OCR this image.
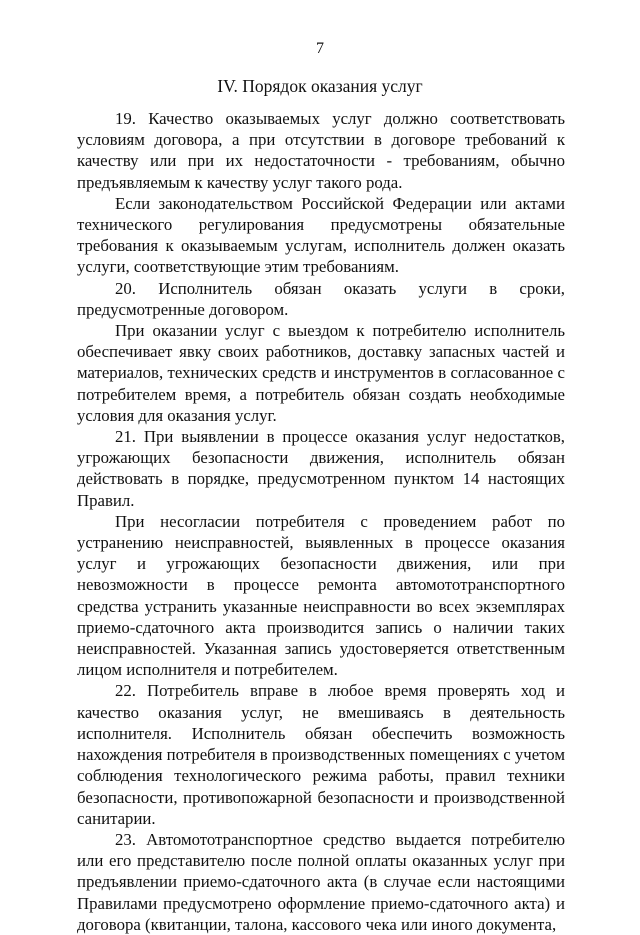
7
IV. Порядок оказания услуг

19. Качество оказываемых услуг должно соответствовать условиям договора, а при отсутствии в договоре требований к качеству или при их недостаточности - требованиям, обычно предъявляемым к качеству услуг такого рода.

Если законодательством Российской Федерации или актами технического регулирования предусмотрены обязательные требования к оказываемым услугам, исполнитель должен оказать услуги, соответствующие этим требованиям.

20. Исполнитель обязан оказать услуги в сроки, предусмотренные договором.

При оказании услуг с выездом к потребителю исполнитель обеспечивает явку своих работников, доставку запасных частей и материалов, технических средств и инструментов в согласованное с потребителем время, а потребитель обязан создать необходимые условия для оказания услуг.

21. При выявлении в процессе оказания услуг недостатков, угрожающих безопасности движения, исполнитель обязан действовать в порядке, предусмотренном пунктом 14 настоящих Правил.

При несогласии потребителя с проведением работ по устранению неисправностей, выявленных в процессе оказания услуг и угрожающих безопасности движения, или при невозможности в процессе ремонта автомототранспортного средства устранить указанные неисправности во всех экземплярах приемо-сдаточного акта производится запись о наличии таких неисправностей. Указанная запись удостоверяется ответственным лицом исполнителя и потребителем.

22. Потребитель вправе в любое время проверять ход и качество оказания услуг, не вмешиваясь в деятельность исполнителя. Исполнитель обязан обеспечить возможность нахождения потребителя в производственных помещениях с учетом соблюдения технологического режима работы, правил техники безопасности, противопожарной безопасности и производственной санитарии.

23. Автомототранспортное средство выдается потребителю или его представителю после полной оплаты оказанных услуг при предъявлении приемо-сдаточного акта (в случае если настоящими Правилами предусмотрено оформление приемо-сдаточного акта) и договора (квитанции, талона, кассового чека или иного документа,
